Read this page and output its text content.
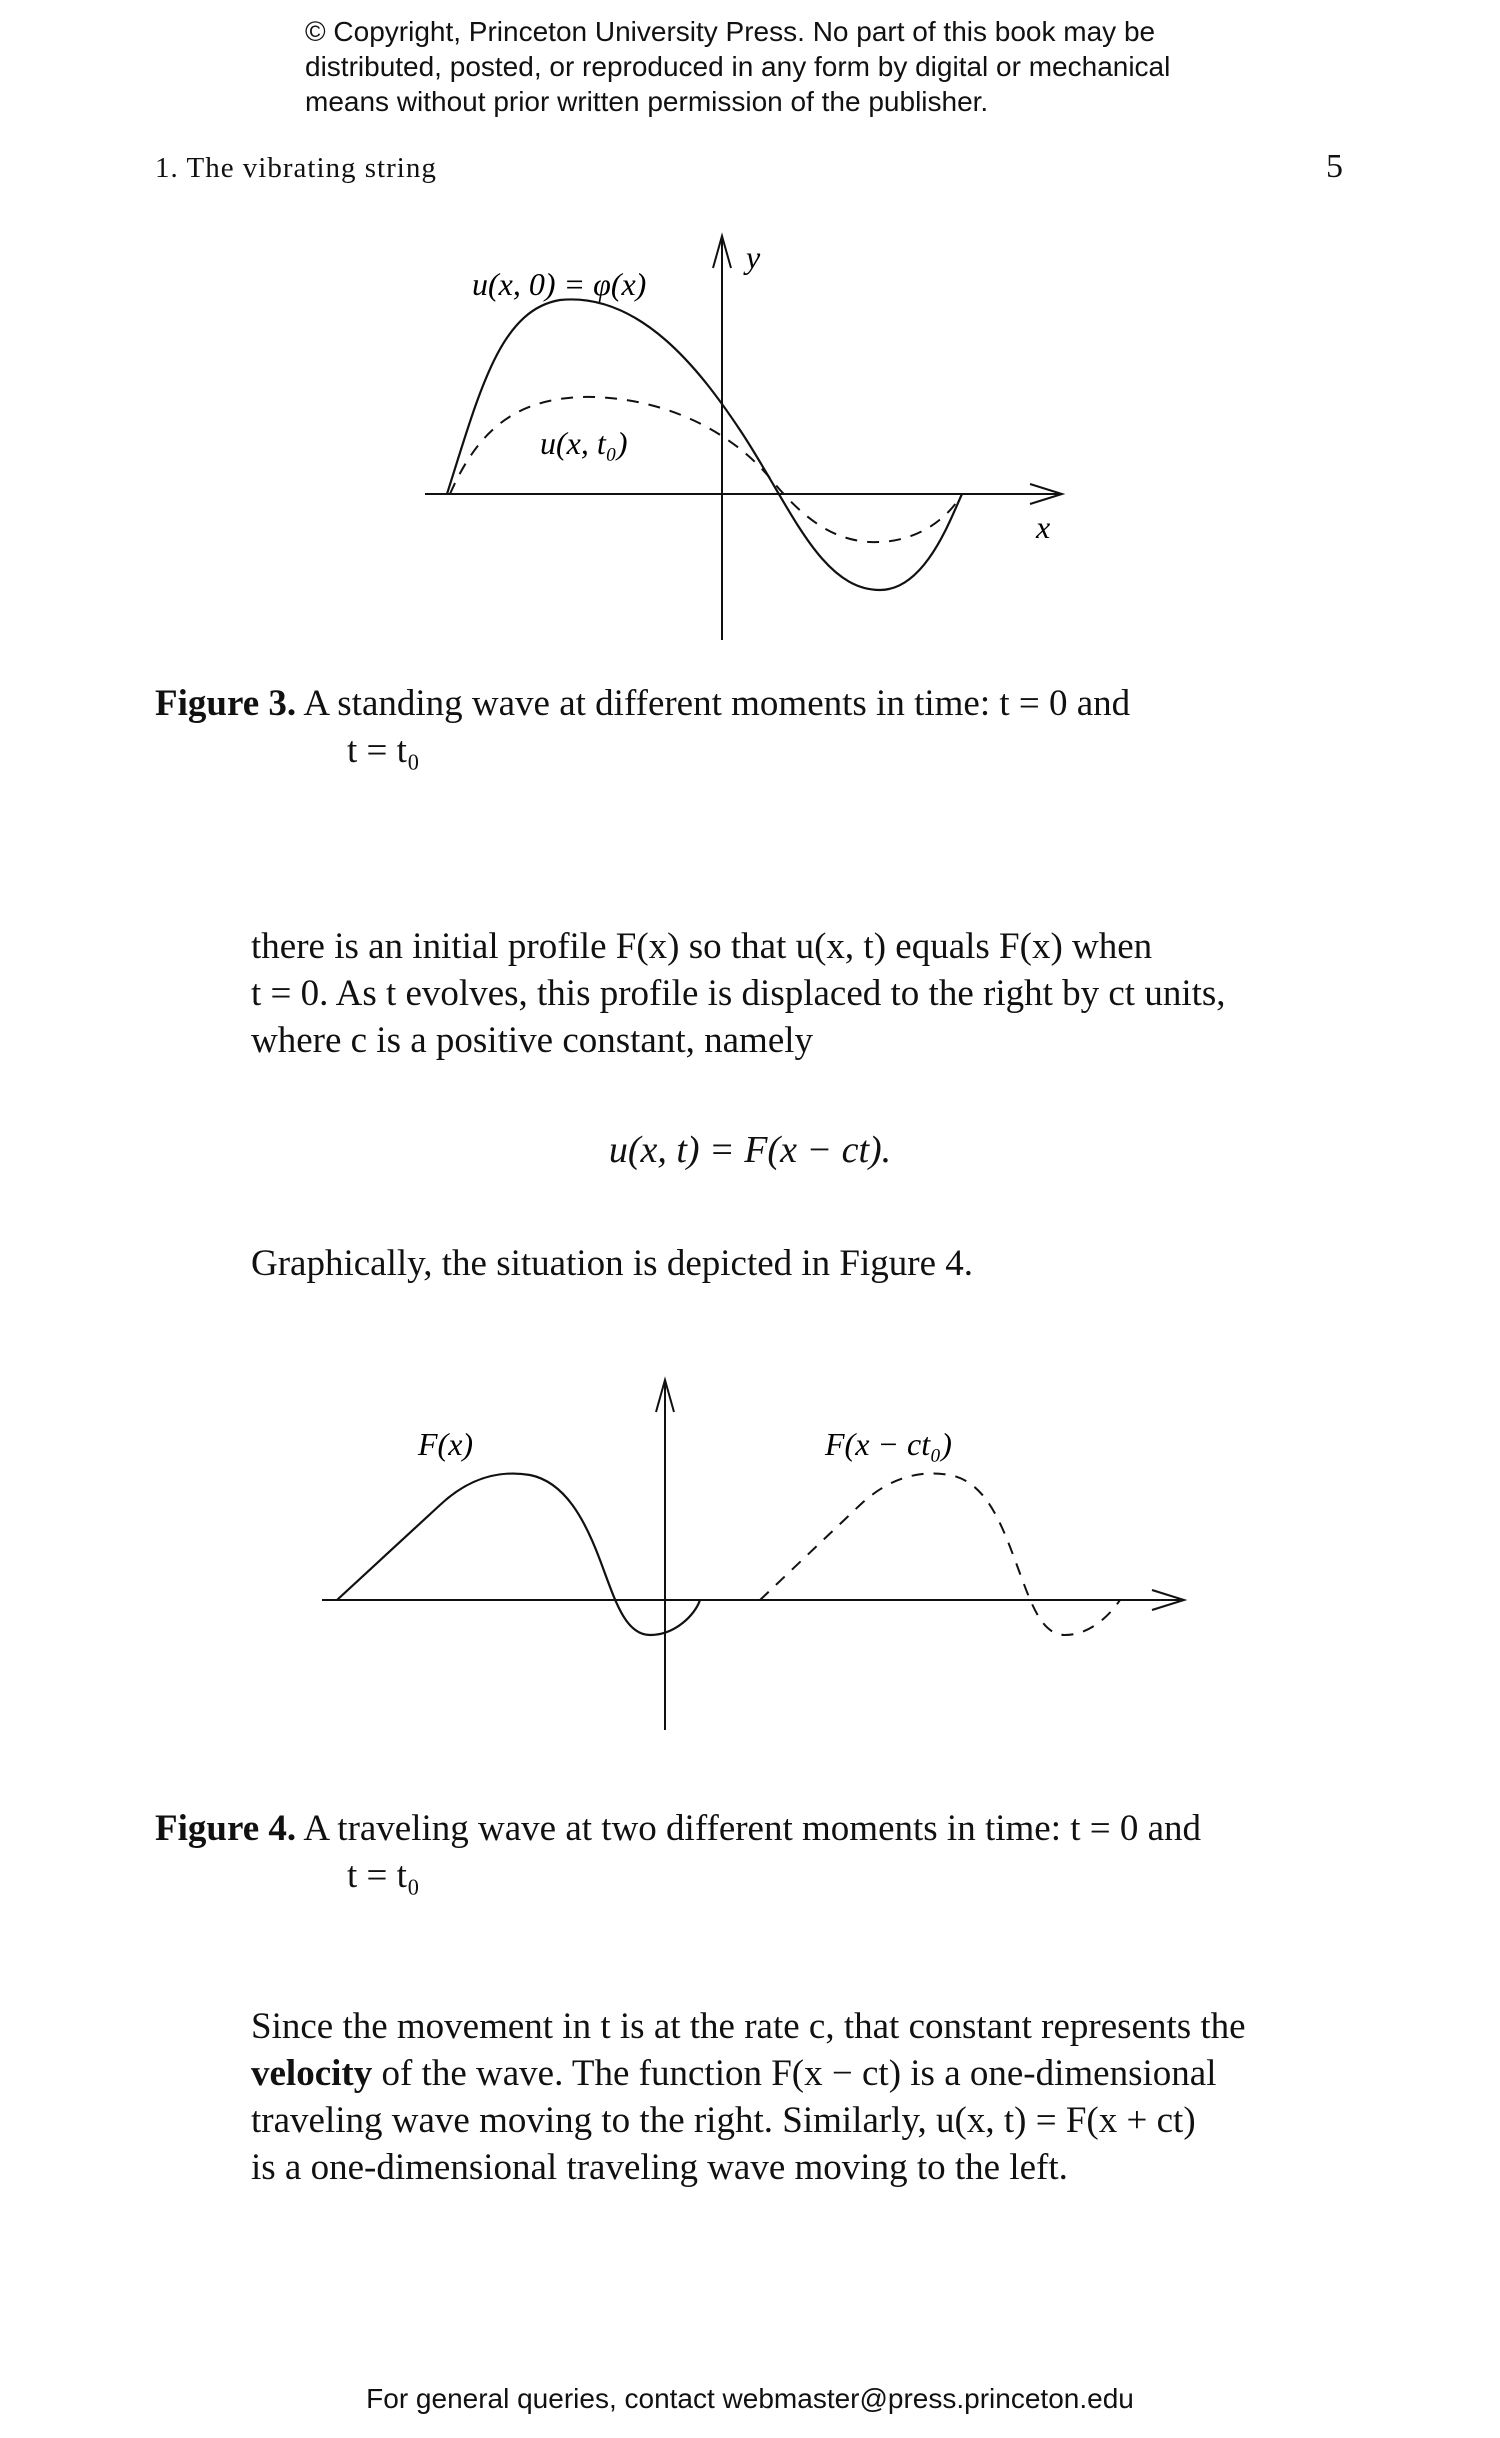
© Copyright, Princeton University Press. No part of this book may be
distributed, posted, or reproduced in any form by digital or mechanical
means without prior written permission of the publisher.
1. The vibrating string	5
u(x, 0) = φ(x)
u(x, t₀)
y
x
Figure 3. A standing wave at different moments in time: t = 0 and
t = t₀
there is an initial profile F(x) so that u(x, t) equals F(x) when
t = 0. As t evolves, this profile is displaced to the right by ct units,
where c is a positive constant, namely
u(x, t) = F(x − ct).
Graphically, the situation is depicted in Figure 4.
F(x)	F(x − ct₀)
Figure 4. A traveling wave at two different moments in time: t = 0 and
t = t₀
Since the movement in t is at the rate c, that constant represents the
velocity of the wave. The function F(x − ct) is a one-dimensional
traveling wave moving to the right. Similarly, u(x, t) = F(x + ct)
is a one-dimensional traveling wave moving to the left.
For general queries, contact webmaster@press.princeton.edu
